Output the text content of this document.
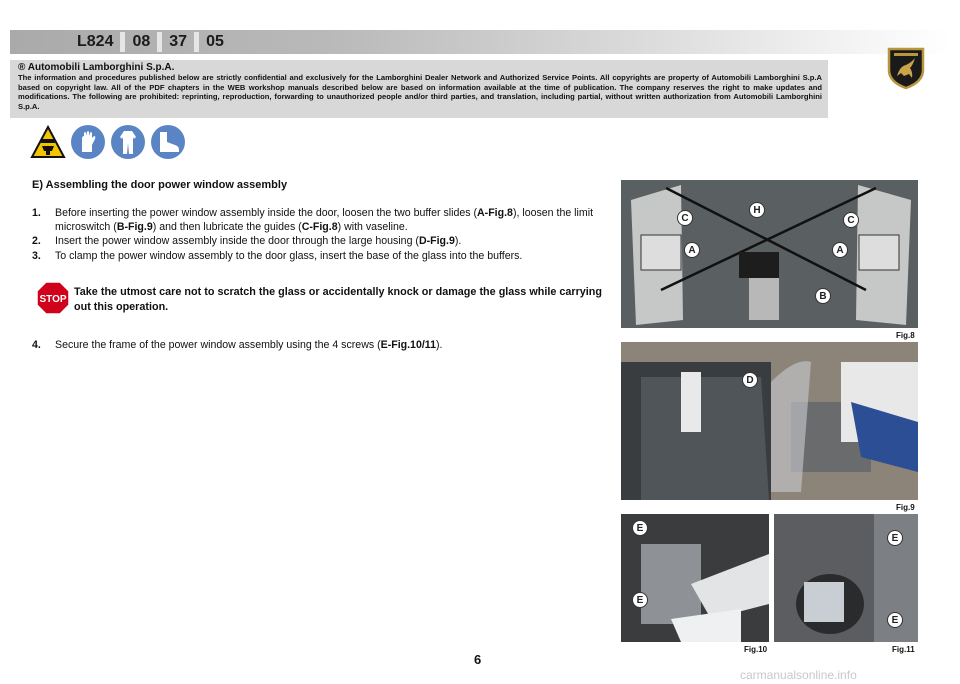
L824	08	37	05
® Automobili Lamborghini S.p.A.
The information and procedures published below are strictly confidential and exclusively for the Lamborghini Dealer Network and Authorized Service Points. All copyrights are property of Automobili Lamborghini S.p.A based on copyright law. All of the PDF chapters in the WEB workshop manuals described below are based on information available at the time of publication. The company reserves the right to make updates and modifications. The following are prohibited: reprinting, reproduction, forwarding to unauthorized people and/or third parties, and translation, including partial, without written authorization from Automobili Lamborghini S.p.A.
E) Assembling the door power window assembly
1.	Before inserting the power window assembly inside the door, loosen the two buffer slides (A-Fig.8), loosen the limit microswitch (B-Fig.9) and then lubricate the guides (C-Fig.8) with vaseline.
2.	Insert the power window assembly inside the door through the large housing (D-Fig.9).
3.	To clamp the power window assembly to the door glass, insert the base of the glass into the buffers.
STOP
Take the utmost care not to scratch the glass or accidentally knock or damage the glass while carrying out this operation.
4.	Secure the frame of the power window assembly using the 4 screws (E-Fig.10/11).
H
C	C
A	A
B
Fig.8
D
Fig.9
E
E
Fig.10
E
E
Fig.11
6
carmanualsonline.info
